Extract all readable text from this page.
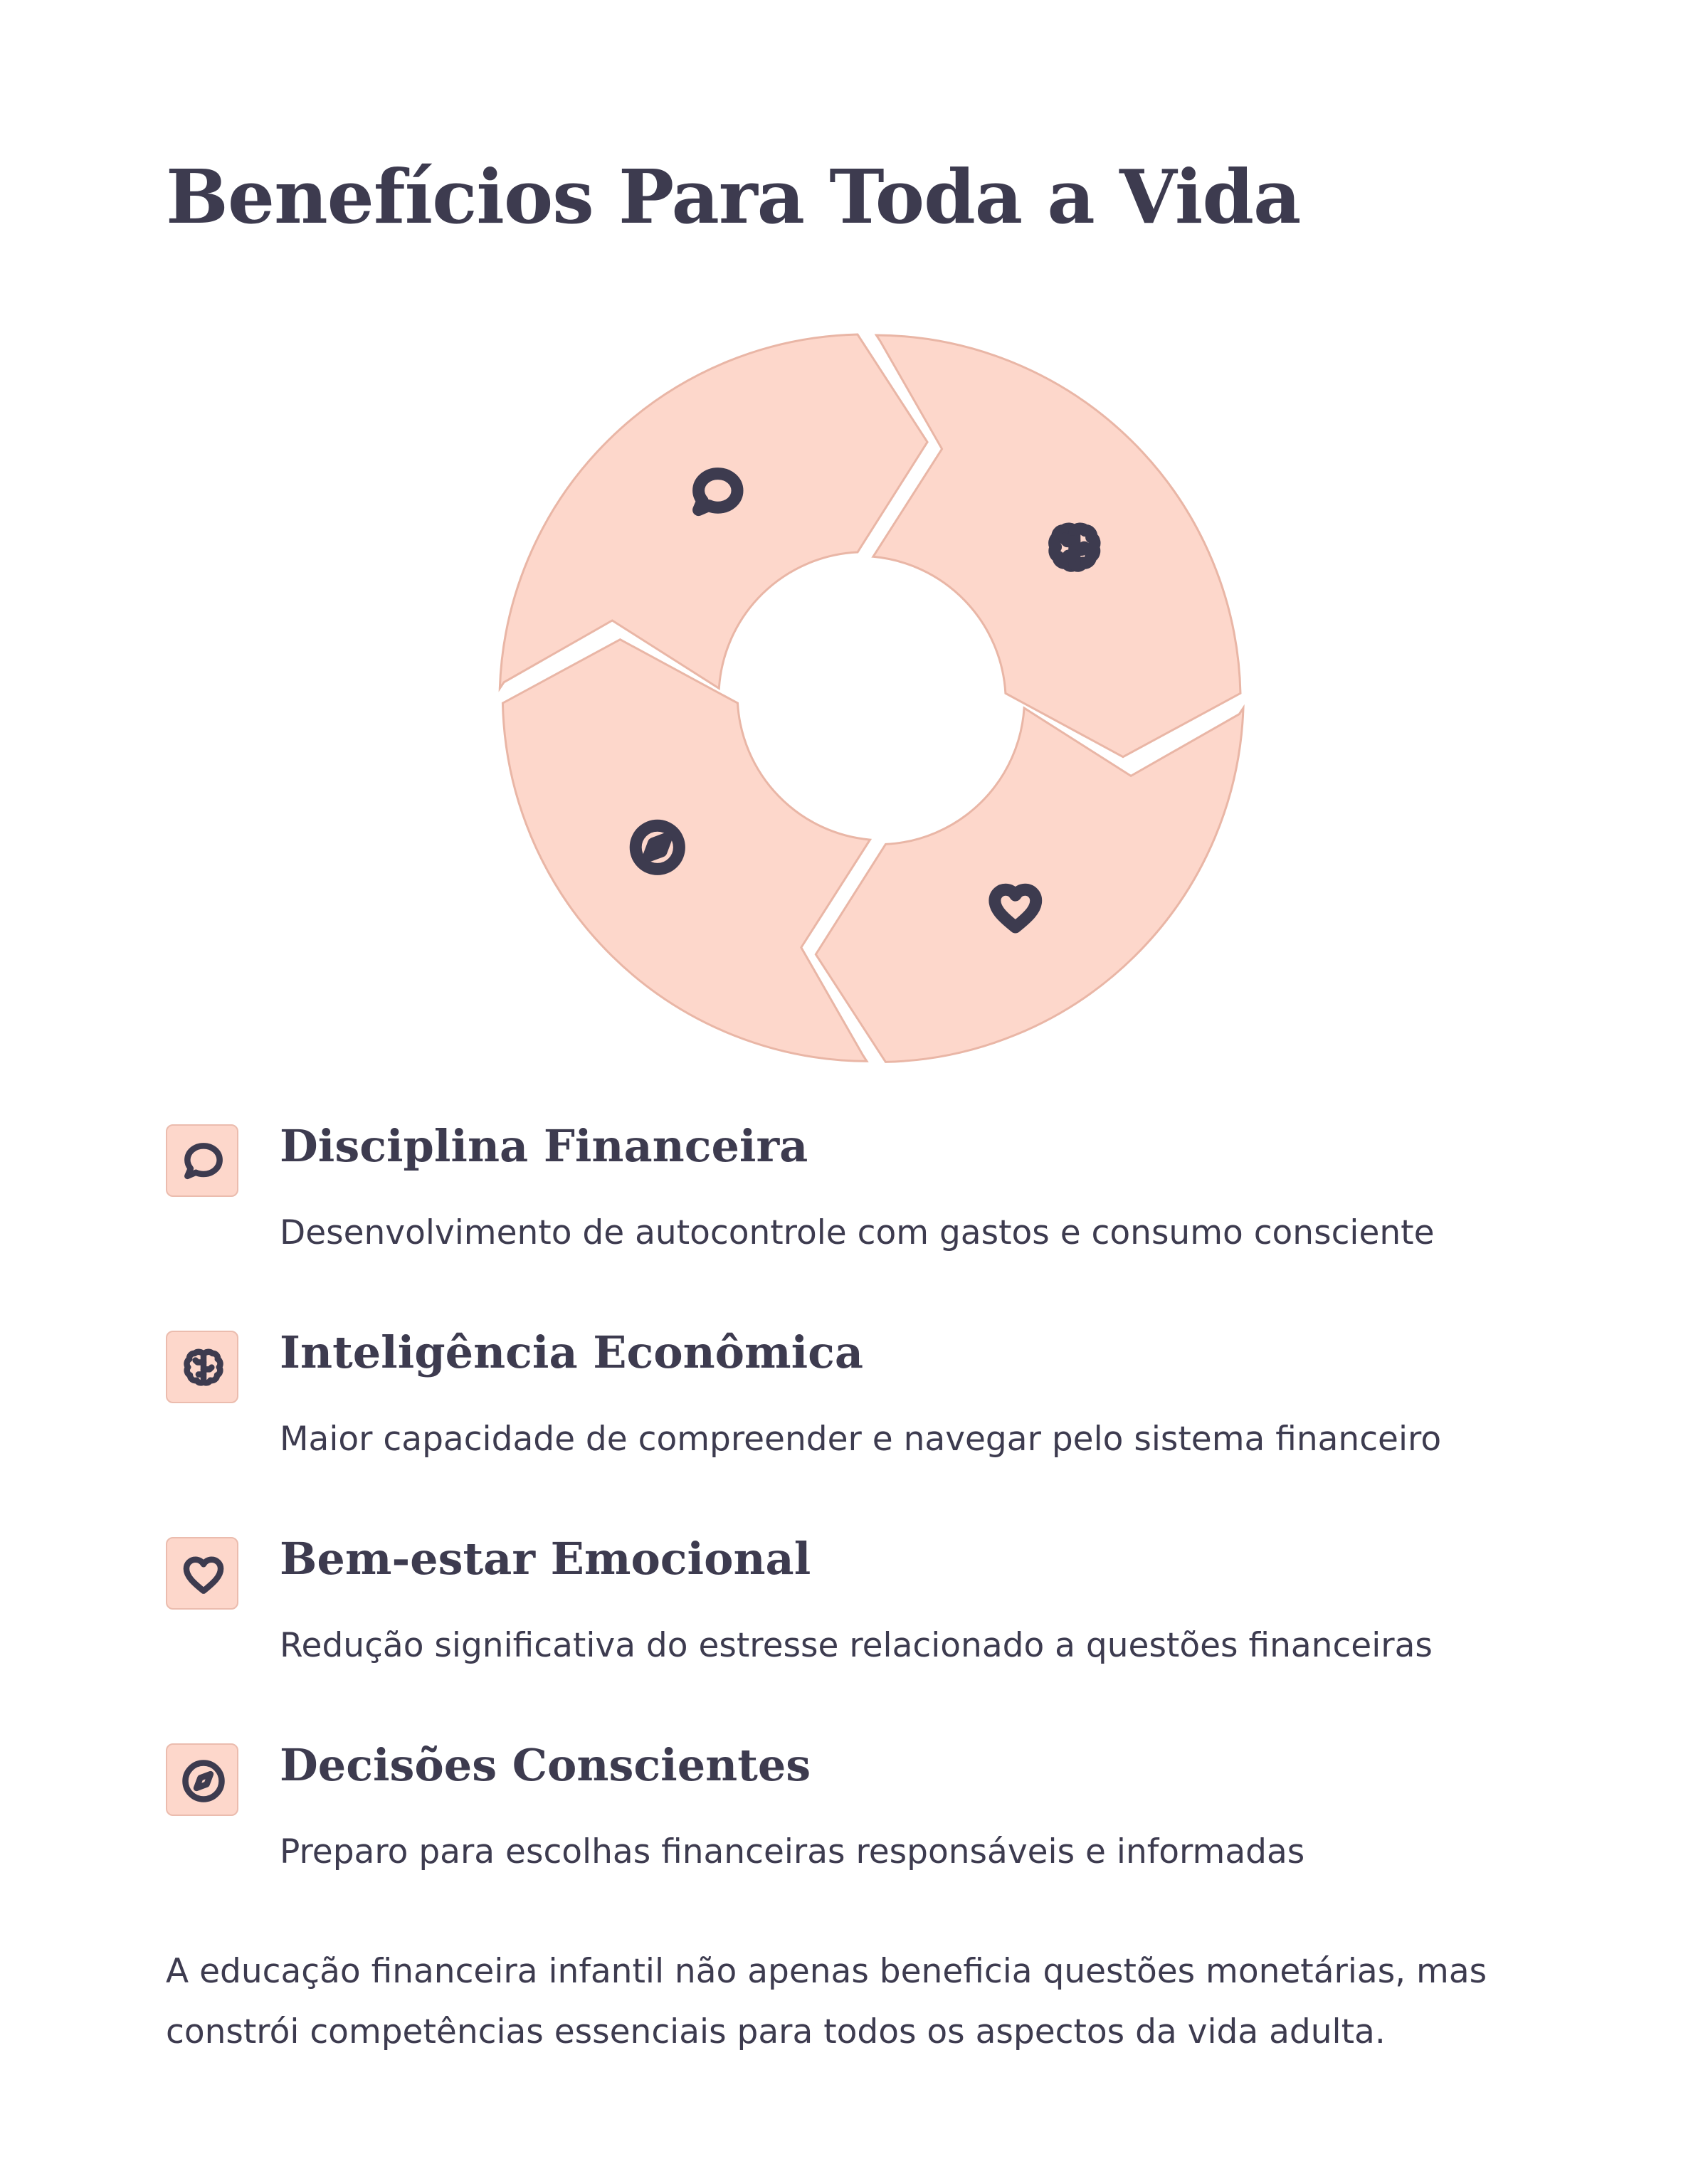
Benefícios Para Toda a Vida
Disciplina Financeira

Desenvolvimento de autocontrole com gastos e consumo consciente

Inteligência Econômica

Maior capacidade de compreender e navegar pelo sistema financeiro

Bem-estar Emocional

Redução significativa do estresse relacionado a questões financeiras

Decisões Conscientes

Preparo para escolhas financeiras responsáveis e informadas

A educação financeira infantil não apenas beneficia questões monetárias, mas constrói competências essenciais para todos os aspectos da vida adulta.
